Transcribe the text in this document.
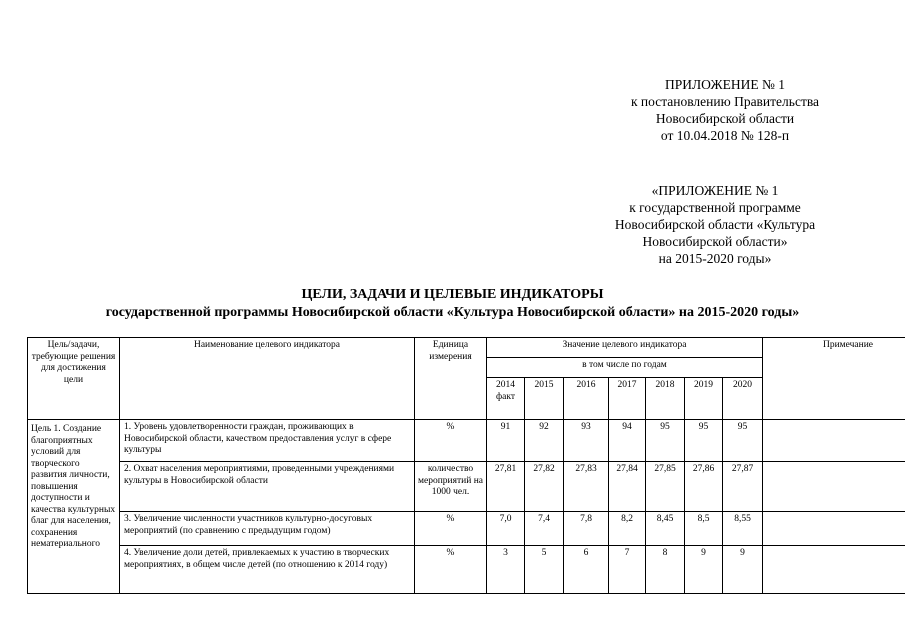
ПРИЛОЖЕНИЕ № 1
к постановлению Правительства
Новосибирской области
от 10.04.2018 № 128-п
«ПРИЛОЖЕНИЕ № 1
к государственной программе
Новосибирской области «Культура
Новосибирской области»
на 2015-2020 годы»
ЦЕЛИ, ЗАДАЧИ И ЦЕЛЕВЫЕ ИНДИКАТОРЫ
государственной программы Новосибирской области «Культура Новосибирской области» на 2015-2020 годы»
Цель/задачи, требующие решения для достижения цели	Наименование целевого индикатора	Единица измерения	Значение целевого индикатора							Примечание
			в том числе по годам							
			2014 факт	2015	2016	2017	2018	2019	2020	
Цель 1. Создание благоприятных условий для творческого развития личности, повышения доступности и качества культурных благ для населения, сохранения нематериального	1. Уровень удовлетворенности граждан, проживающих в Новосибирской области, качеством предоставления услуг в сфере культуры	%	91	92	93	94	95	95	95	
	2. Охват населения мероприятиями, проведенными учреждениями культуры в Новосибирской области	количество мероприятий на 1000 чел.	27,81	27,82	27,83	27,84	27,85	27,86	27,87	
	3. Увеличение численности участников культурно-досуговых мероприятий (по сравнению с предыдущим годом)	%	7,0	7,4	7,8	8,2	8,45	8,5	8,55	
	4. Увеличение доли детей, привлекаемых к участию в творческих мероприятиях, в общем числе детей (по отношению к 2014 году)	%	3	5	6	7	8	9	9	
